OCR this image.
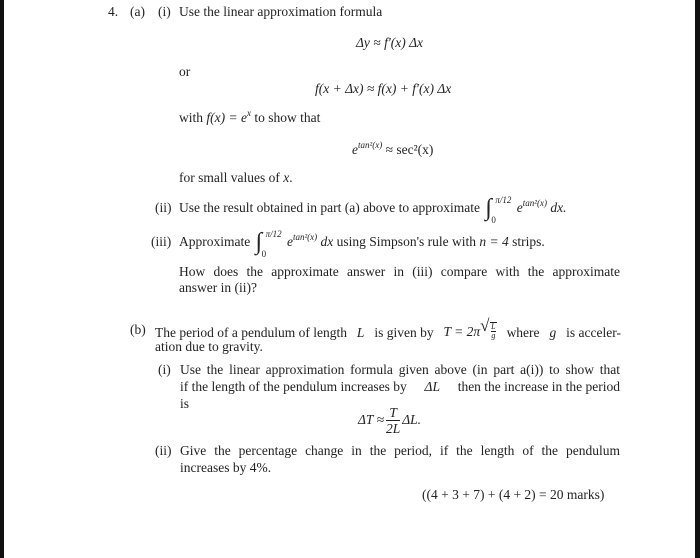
4. (a) (i) Use the linear approximation formula
Δy ≈ f′(x) Δx
or
f(x + Δx) ≈ f(x) + f′(x) Δx
with $f(x) = e^x$ to show that
$e^{tan^2(x)} \approx \sec^2(x)$
for small values of x.
(ii) Use the result obtained in part (a) above to approximate ∫ π/12
0
$e^{tan^2(x)}$ dx.
(iii) Approximate ∫ π/12
0
$e^{tan^2(x)}$ dx using Simpson's rule with n = 4 strips.
How does the approximate answer in (iii) compare with the approximate
answer in (ii)?
(b) The period of a pendulum of length L is given by T = 2π √ $\frac{L}{g}$ where g is acceler-
ation due to gravity.
(i) Use the linear approximation formula given above (in part a(i)) to show that
if the length of the pendulum increases by ΔL then the increase in the period
is
$\Delta T \approx \frac{T}{2L} \Delta L$.
(ii) Give the percentage change in the period, if the length of the pendulum
increases by 4%.
((4 + 3 + 7) + (4 + 2) = 20 marks)
